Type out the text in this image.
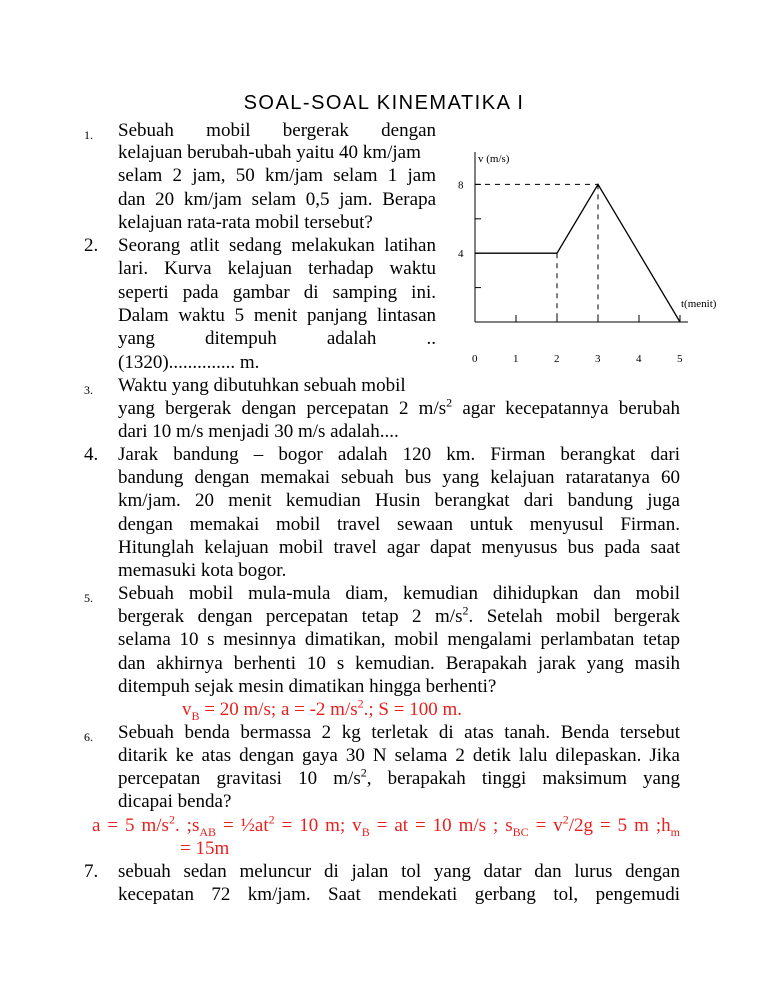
SOAL-SOAL KINEMATIKA I
1. Sebuah mobil bergerak dengan
kelajuan berubah-ubah yaitu 40 km/jam
selam 2 jam, 50 km/jam selam 1 jam
dan 20 km/jam selam 0,5 jam. Berapa
kelajuan rata-rata mobil tersebut?
2. Seorang atlit sedang melakukan latihan
lari. Kurva kelajuan terhadap waktu
seperti pada gambar di samping ini.
Dalam waktu 5 menit panjang lintasan
yang ditempuh adalah ..
(1320).............. m.
v (m/s)
t(menit)
4
8
0	1	2	3	4	5
3. Waktu yang dibutuhkan sebuah mobil
yang bergerak dengan percepatan 2 $m/s^2$ agar kecepatannya berubah
dari 10 m/s menjadi 30 m/s adalah....
4. Jarak bandung – bogor adalah 120 km. Firman berangkat dari
bandung dengan memakai sebuah bus yang kelajuan rataratanya 60
km/jam. 20 menit kemudian Husin berangkat dari bandung juga
dengan memakai mobil travel sewaan untuk menyusul Firman.
Hitunglah kelajuan mobil travel agar dapat menyusus bus pada saat
memasuki kota bogor.
5. Sebuah mobil mula-mula diam, kemudian dihidupkan dan mobil
bergerak dengan percepatan tetap 2 $m/s^2$. Setelah mobil bergerak
selama 10 s mesinnya dimatikan, mobil mengalami perlambatan tetap
dan akhirnya berhenti 10 s kemudian. Berapakah jarak yang masih
ditempuh sejak mesin dimatikan hingga berhenti?
$v_B = 20$ m/s; a = -2 $m/s^2$.; S = 100 m.
6. Sebuah benda bermassa 2 kg terletak di atas tanah. Benda tersebut
ditarik ke atas dengan gaya 30 N selama 2 detik lalu dilepaskan. Jika
percepatan gravitasi 10 $m/s^2$, berapakah tinggi maksimum yang
dicapai benda?
a = 5 $m/s^2$. $;s_{AB}$ = $\frac{1}{2}at^2 = 10$ m; $v_B$ = at = 10 m/s ; $s_{BC} = v^2/2g = 5$ m $;h_m$
= 15m
7. sebuah sedan meluncur di jalan tol yang datar dan lurus dengan
kecepatan 72 km/jam. Saat mendekati gerbang tol, pengemudi
